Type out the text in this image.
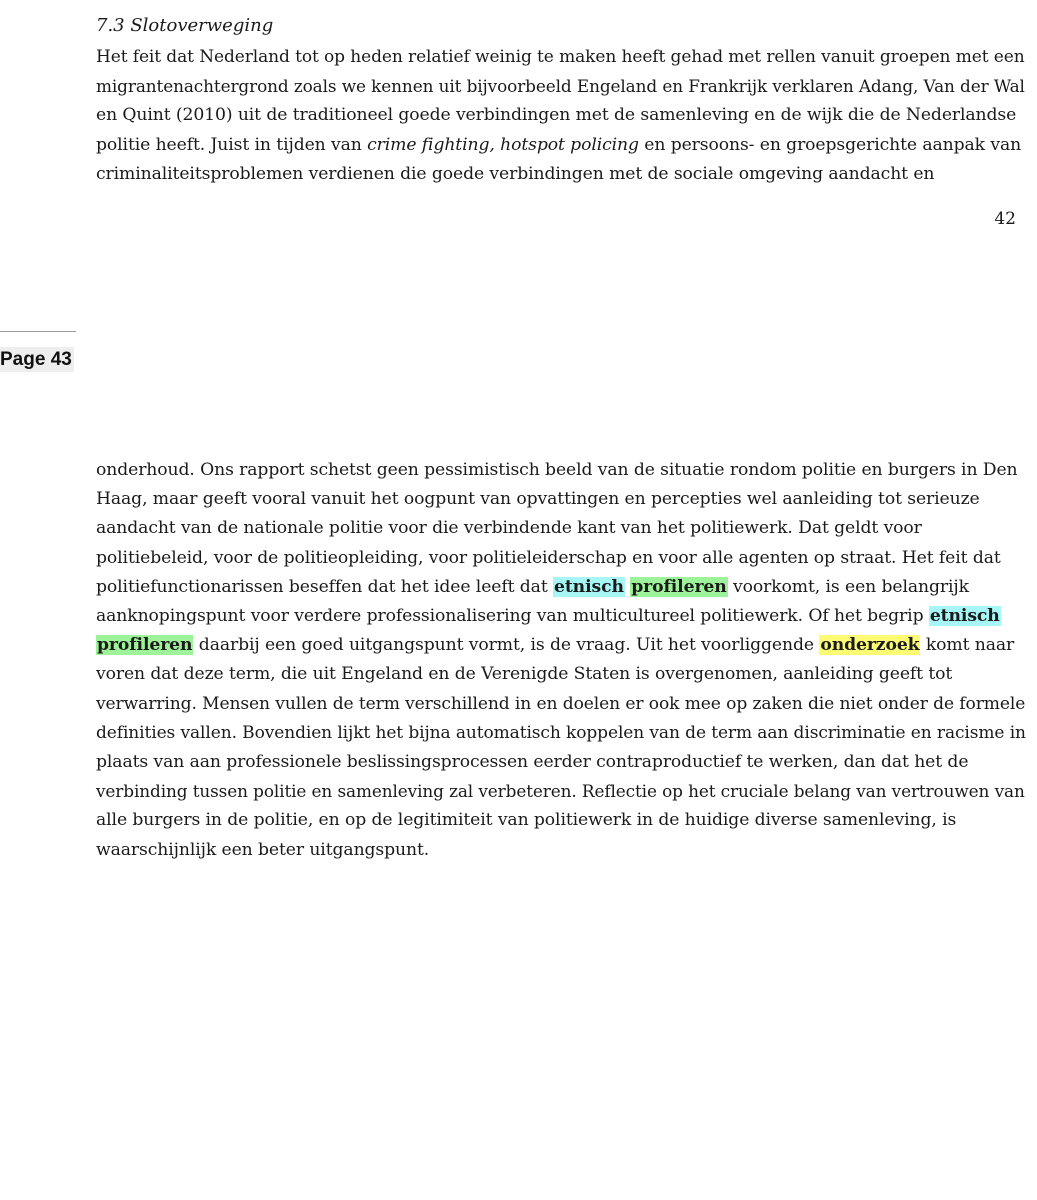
7.3 Slotoverweging

Het feit dat Nederland tot op heden relatief weinig te maken heeft gehad met rellen vanuit groepen met een
migrantenachtergrond zoals we kennen uit bijvoorbeeld Engeland en Frankrijk verklaren Adang, Van der Wal
en Quint (2010) uit de traditioneel goede verbindingen met de samenleving en de wijk die de Nederlandse
politie heeft. Juist in tijden van crime fighting, hotspot policing en persoons- en groepsgerichte aanpak van
criminaliteitsproblemen verdienen die goede verbindingen met de sociale omgeving aandacht en

42
Page 43

onderhoud. Ons rapport schetst geen pessimistisch beeld van de situatie rondom politie en burgers in Den
Haag, maar geeft vooral vanuit het oogpunt van opvattingen en percepties wel aanleiding tot serieuze
aandacht van de nationale politie voor die verbindende kant van het politiewerk. Dat geldt voor
politiebeleid, voor de politieopleiding, voor politieleiderschap en voor alle agenten op straat. Het feit dat
politiefunctionarissen beseffen dat het idee leeft dat etnisch profileren voorkomt, is een belangrijk
aanknopingspunt voor verdere professionalisering van multicultureel politiewerk. Of het begrip etnisch
profileren daarbij een goed uitgangspunt vormt, is de vraag. Uit het voorliggende onderzoek komt naar
voren dat deze term, die uit Engeland en de Verenigde Staten is overgenomen, aanleiding geeft tot
verwarring. Mensen vullen de term verschillend in en doelen er ook mee op zaken die niet onder de formele
definities vallen. Bovendien lijkt het bijna automatisch koppelen van de term aan discriminatie en racisme in
plaats van aan professionele beslissingsprocessen eerder contraproductief te werken, dan dat het de
verbinding tussen politie en samenleving zal verbeteren. Reflectie op het cruciale belang van vertrouwen van
alle burgers in de politie, en op de legitimiteit van politiewerk in de huidige diverse samenleving, is
waarschijnlijk een beter uitgangspunt.
